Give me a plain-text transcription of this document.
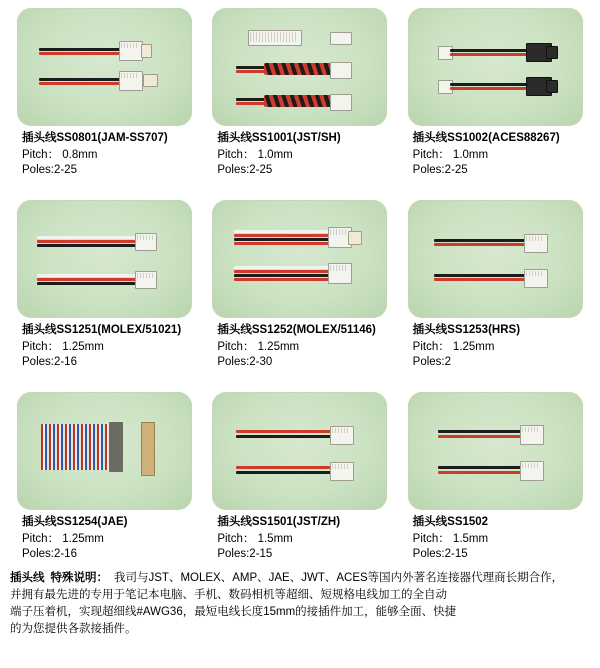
插头线SS0801(JAM-SS707)
Pitch： 0.8mm
Poles:2-25
插头线SS1001(JST/SH)
Pitch： 1.0mm
Poles:2-25
插头线SS1002(ACES88267)
Pitch： 1.0mm
Poles:2-25
插头线SS1251(MOLEX/51021)
Pitch： 1.25mm
Poles:2-16
插头线SS1252(MOLEX/51146)
Pitch： 1.25mm
Poles:2-30
插头线SS1253(HRS)
Pitch： 1.25mm
Poles:2
插头线SS1254(JAE)
Pitch： 1.25mm
Poles:2-16
插头线SS1501(JST/ZH)
Pitch： 1.5mm
Poles:2-15
插头线SS1502
Pitch： 1.5mm
Poles:2-15
插头线 特殊说明： 我司与JST、MOLEX、AMP、JAE、JWT、ACES等国内外著名连接器代理商长期合作，
并拥有最先进的专用于笔记本电脑、手机、数码相机等超细、短规格电线加工的全自动
端子压着机，实现超细线#AWG36，最短电线长度15mm的接插件加工，能够全面、快捷
的为您提供各款接插件。
